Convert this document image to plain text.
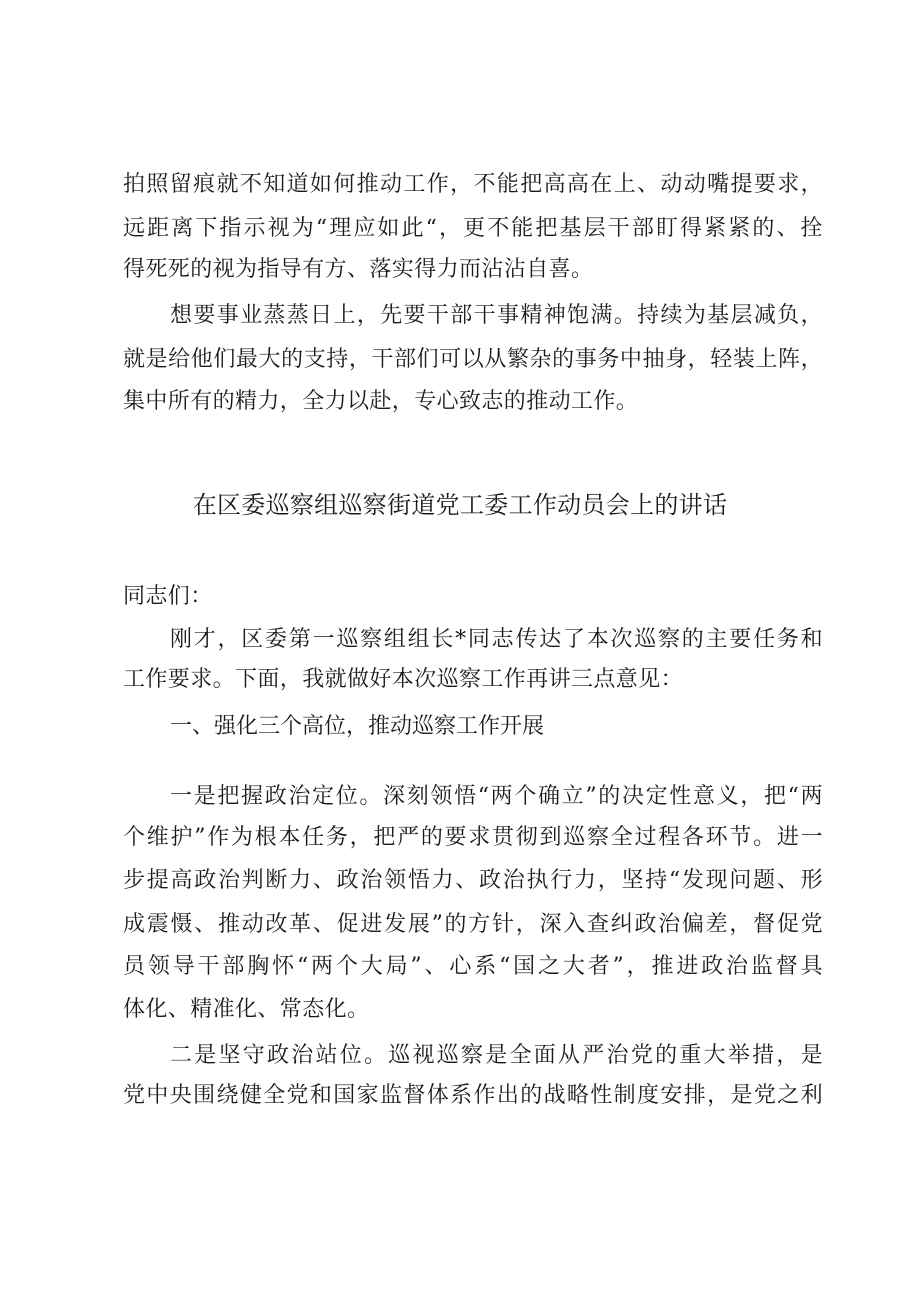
拍照留痕就不知道如何推动工作，不能把高高在上、动动嘴提要求，
远距离下指示视为“理应如此“，更不能把基层干部盯得紧紧的、拴
得死死的视为指导有方、落实得力而沾沾自喜。
想要事业蒸蒸日上，先要干部干事精神饱满。持续为基层减负，
就是给他们最大的支持，干部们可以从繁杂的事务中抽身，轻装上阵，
集中所有的精力，全力以赴，专心致志的推动工作。
在区委巡察组巡察街道党工委工作动员会上的讲话
同志们：
刚才，区委第一巡察组组长*同志传达了本次巡察的主要任务和
工作要求。下面，我就做好本次巡察工作再讲三点意见：
一、强化三个高位，推动巡察工作开展
一是把握政治定位。深刻领悟“两个确立”的决定性意义，把“两
个维护”作为根本任务，把严的要求贯彻到巡察全过程各环节。进一
步提高政治判断力、政治领悟力、政治执行力，坚持“发现问题、形
成震慑、推动改革、促进发展”的方针，深入查纠政治偏差，督促党
员领导干部胸怀“两个大局”、心系“国之大者”，推进政治监督具
体化、精准化、常态化。
二是坚守政治站位。巡视巡察是全面从严治党的重大举措，是
党中央围绕健全党和国家监督体系作出的战略性制度安排，是党之利
